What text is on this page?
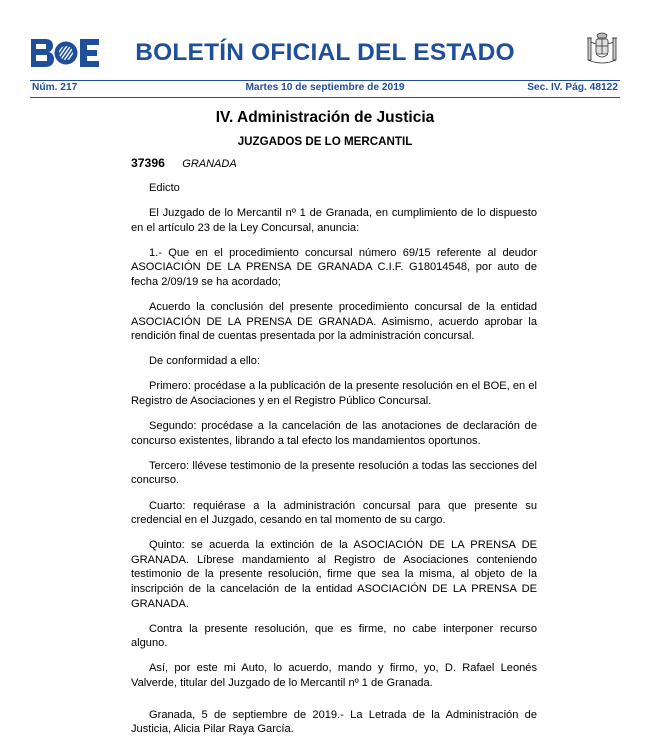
BOLETÍN OFICIAL DEL ESTADO
Núm. 217	Martes 10 de septiembre de 2019	Sec. IV. Pág. 48122
IV. Administración de Justicia
JUZGADOS DE LO MERCANTIL
37396 GRANADA

Edicto

El Juzgado de lo Mercantil nº 1 de Granada, en cumplimiento de lo dispuesto en el artículo 23 de la Ley Concursal, anuncia:

1.- Que en el procedimiento concursal número 69/15 referente al deudor ASOCIACIÓN DE LA PRENSA DE GRANADA C.I.F. G18014548, por auto de fecha 2/09/19 se ha acordado;

Acuerdo la conclusión del presente procedimiento concursal de la entidad ASOCIACIÓN DE LA PRENSA DE GRANADA. Asimismo, acuerdo aprobar la rendición final de cuentas presentada por la administración concursal.

De conformidad a ello:

Primero: procédase a la publicación de la presente resolución en el BOE, en el Registro de Asociaciones y en el Registro Público Concursal.

Segundo: procédase a la cancelación de las anotaciones de declaración de concurso existentes, librando a tal efecto los mandamientos oportunos.

Tercero: llévese testimonio de la presente resolución a todas las secciones del concurso.

Cuarto: requiérase a la administración concursal para que presente su credencial en el Juzgado, cesando en tal momento de su cargo.

Quinto: se acuerda la extinción de la ASOCIACIÓN DE LA PRENSA DE GRANADA. Líbrese mandamiento al Registro de Asociaciones conteniendo testimonio de la presente resolución, firme que sea la misma, al objeto de la inscripción de la cancelación de la entidad ASOCIACIÓN DE LA PRENSA DE GRANADA.

Contra la presente resolución, que es firme, no cabe interponer recurso alguno.

Así, por este mi Auto, lo acuerdo, mando y firmo, yo, D. Rafael Leonés Valverde, titular del Juzgado de lo Mercantil nº 1 de Granada.

Granada, 5 de septiembre de 2019.- La Letrada de la Administración de Justicia, Alicia Pilar Raya García.
